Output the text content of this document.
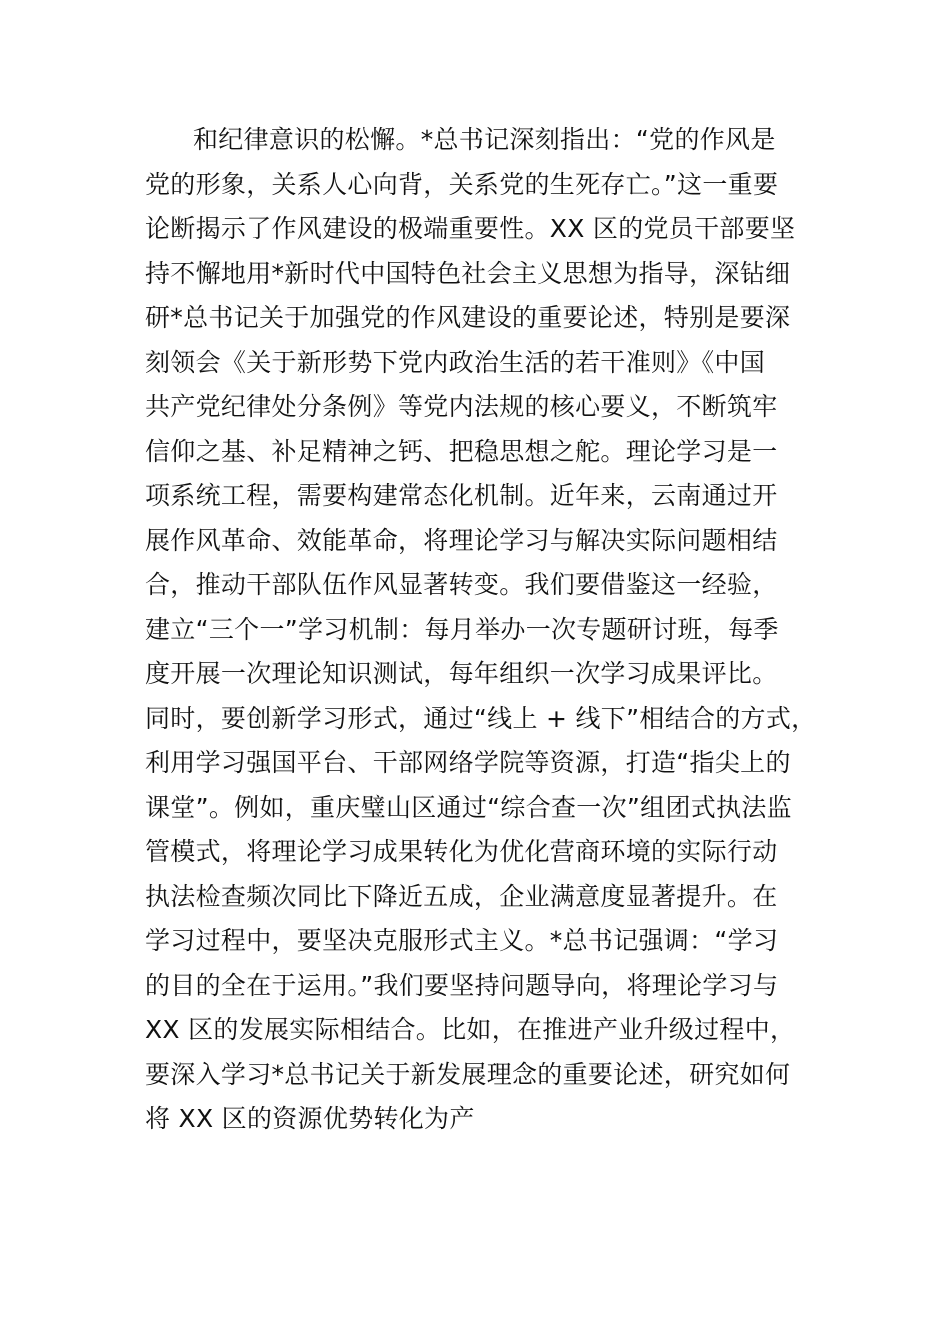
和纪律意识的松懈。*总书记深刻指出：“党的作风是
党的形象，关系人心向背，关系党的生死存亡。”这一重要
论断揭示了作风建设的极端重要性。XX 区的党员干部要坚
持不懈地用*新时代中国特色社会主义思想为指导，深钻细
研*总书记关于加强党的作风建设的重要论述，特别是要深
刻领会《关于新形势下党内政治生活的若干准则》《中国
共产党纪律处分条例》等党内法规的核心要义，不断筑牢
信仰之基、补足精神之钙、把稳思想之舵。理论学习是一
项系统工程，需要构建常态化机制。近年来，云南通过开
展作风革命、效能革命，将理论学习与解决实际问题相结
合，推动干部队伍作风显著转变。我们要借鉴这一经验，
建立“三个一”学习机制：每月举办一次专题研讨班，每季
度开展一次理论知识测试，每年组织一次学习成果评比。
同时，要创新学习形式，通过“线上 + 线下”相结合的方式，
利用学习强国平台、干部网络学院等资源，打造“指尖上的
课堂”。例如，重庆璧山区通过“综合查一次”组团式执法监
管模式，将理论学习成果转化为优化营商环境的实际行动
执法检查频次同比下降近五成，企业满意度显著提升。在
学习过程中，要坚决克服形式主义。*总书记强调：“学习
的目的全在于运用。”我们要坚持问题导向，将理论学习与
XX 区的发展实际相结合。比如，在推进产业升级过程中，
要深入学习*总书记关于新发展理念的重要论述，研究如何
将 XX 区的资源优势转化为产
